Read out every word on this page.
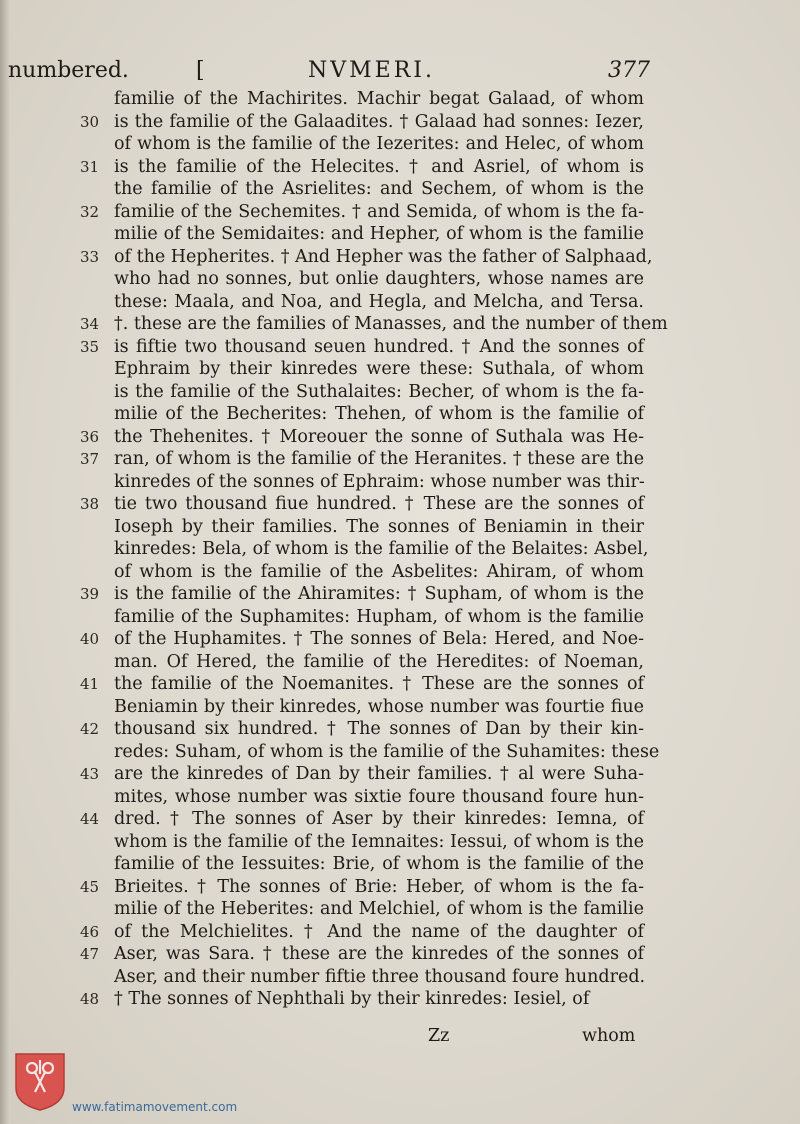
numbered.	[	NVMERI.	377
familie of the Machirites. Machir begat Galaad, of whom
30 is the familie of the Galaadites. † Galaad had sonnes: Iezer,
of whom is the familie of the Iezerites: and Helec, of whom
31 is the familie of the Helecites. † and Asriel, of whom is
the familie of the Asrielites: and Sechem, of whom is the
32 familie of the Sechemites. † and Semida, of whom is the fa-
milie of the Semidaites: and Hepher, of whom is the familie
33 of the Hepherites. † And Hepher was the father of Salphaad,
who had no sonnes, but onlie daughters, whose names are
these: Maala, and Noa, and Hegla, and Melcha, and Tersa.
34 †. these are the families of Manasses, and the number of them
35 is fiftie two thousand seuen hundred. † And the sonnes of
Ephraim by their kinredes were these: Suthala, of whom
is the familie of the Suthalaites: Becher, of whom is the fa-
milie of the Becherites: Thehen, of whom is the familie of
36 the Thehenites. † Moreouer the sonne of Suthala was He-
37 ran, of whom is the familie of the Heranites. † these are the
kinredes of the sonnes of Ephraim: whose number was thir-
38 tie two thousand fiue hundred. † These are the sonnes of
Ioseph by their families. The sonnes of Beniamin in their
kinredes: Bela, of whom is the familie of the Belaites: Asbel,
of whom is the familie of the Asbelites: Ahiram, of whom
39 is the familie of the Ahiramites: † Supham, of whom is the
familie of the Suphamites: Hupham, of whom is the familie
40 of the Huphamites. † The sonnes of Bela: Hered, and Noe-
man. Of Hered, the familie of the Heredites: of Noeman,
41 the familie of the Noemanites. † These are the sonnes of
Beniamin by their kinredes, whose number was fourtie fiue
42 thousand six hundred. † The sonnes of Dan by their kin-
redes: Suham, of whom is the familie of the Suhamites: these
43 are the kinredes of Dan by their families. † al were Suha-
mites, whose number was sixtie foure thousand foure hun-
44 dred. † The sonnes of Aser by their kinredes: Iemna, of
whom is the familie of the Iemnaites: Iessui, of whom is the
familie of the Iessuites: Brie, of whom is the familie of the
45 Brieites. † The sonnes of Brie: Heber, of whom is the fa-
milie of the Heberites: and Melchiel, of whom is the familie
46 of the Melchielites. † And the name of the daughter of
47 Aser, was Sara. † these are the kinredes of the sonnes of
Aser, and their number fiftie three thousand foure hundred.
48 † The sonnes of Nephthali by their kinredes: Iesiel, of
Zz	whom
www.fatimamovement.com
